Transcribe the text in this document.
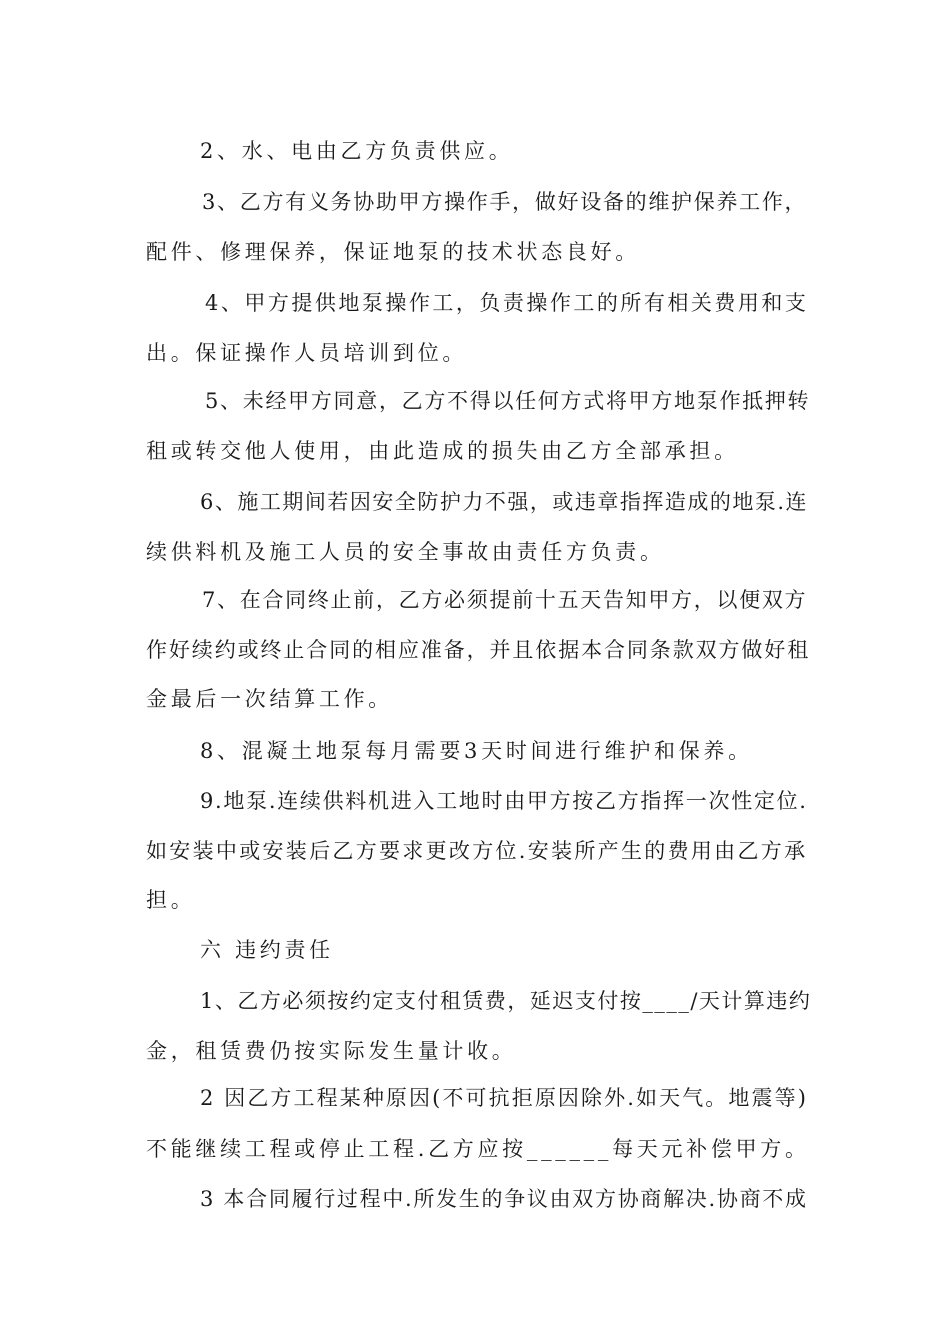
2、水、电由乙方负责供应。

3、乙方有义务协助甲方操作手，做好设备的维护保养工作，

配件、修理保养，保证地泵的技术状态良好。

4、甲方提供地泵操作工，负责操作工的所有相关费用和支

出。保证操作人员培训到位。

5、未经甲方同意，乙方不得以任何方式将甲方地泵作抵押转

租或转交他人使用，由此造成的损失由乙方全部承担。

6、施工期间若因安全防护力不强，或违章指挥造成的地泵.连

续供料机及施工人员的安全事故由责任方负责。

7、在合同终止前，乙方必须提前十五天告知甲方，以便双方

作好续约或终止合同的相应准备，并且依据本合同条款双方做好租

金最后一次结算工作。

8、混凝土地泵每月需要3天时间进行维护和保养。

9.地泵.连续供料机进入工地时由甲方按乙方指挥一次性定位.

如安装中或安装后乙方要求更改方位.安装所产生的费用由乙方承

担。

六 违约责任

1、乙方必须按约定支付租赁费，延迟支付按____/天计算违约

金，租赁费仍按实际发生量计收。

2 因乙方工程某种原因(不可抗拒原因除外.如天气。地震等)

不能继续工程或停止工程.乙方应按______每天元补偿甲方。

3 本合同履行过程中.所发生的争议由双方协商解决.协商不成
